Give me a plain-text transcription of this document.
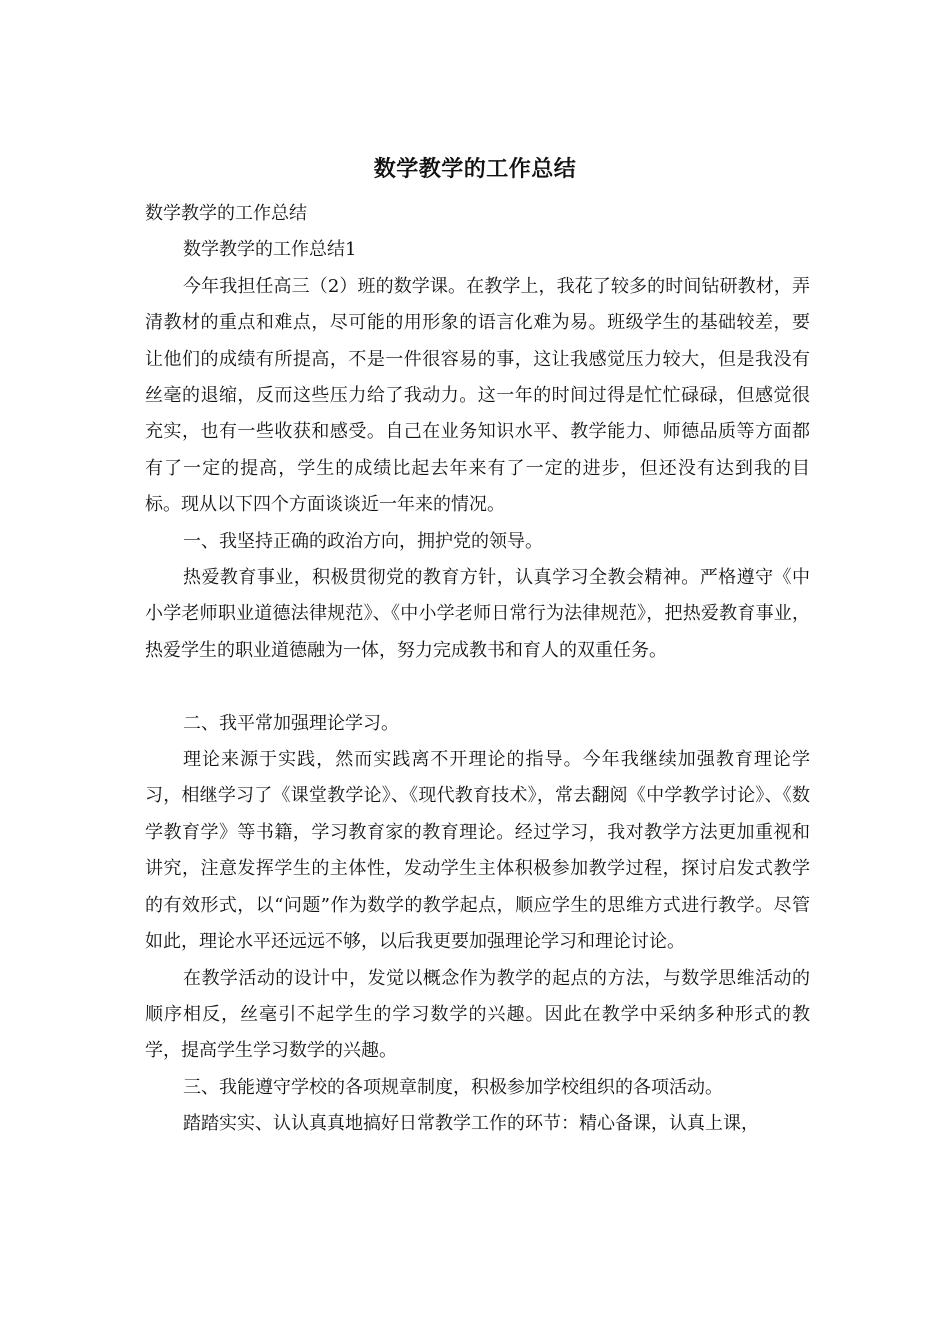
数学教学的工作总结

数学教学的工作总结

数学教学的工作总结1

今年我担任高三（2）班的数学课。在教学上，我花了较多的时间钻研教材，弄清教材的重点和难点，尽可能的用形象的语言化难为易。班级学生的基础较差，要让他们的成绩有所提高，不是一件很容易的事，这让我感觉压力较大，但是我没有丝毫的退缩，反而这些压力给了我动力。这一年的时间过得是忙忙碌碌，但感觉很充实，也有一些收获和感受。自己在业务知识水平、教学能力、师德品质等方面都有了一定的提高，学生的成绩比起去年来有了一定的进步，但还没有达到我的目标。现从以下四个方面谈谈近一年来的情况。

一、我坚持正确的政治方向，拥护党的领导。

热爱教育事业，积极贯彻党的教育方针，认真学习全教会精神。严格遵守《中小学老师职业道德法律规范》、《中小学老师日常行为法律规范》，把热爱教育事业，热爱学生的职业道德融为一体，努力完成教书和育人的双重任务。

二、我平常加强理论学习。

理论来源于实践，然而实践离不开理论的指导。今年我继续加强教育理论学习，相继学习了《课堂教学论》、《现代教育技术》，常去翻阅《中学教学讨论》、《数学教育学》等书籍，学习教育家的教育理论。经过学习，我对教学方法更加重视和讲究，注意发挥学生的主体性，发动学生主体积极参加教学过程，探讨启发式教学的有效形式，以“问题”作为数学的教学起点，顺应学生的思维方式进行教学。尽管如此，理论水平还远远不够，以后我更要加强理论学习和理论讨论。

在教学活动的设计中，发觉以概念作为教学的起点的方法，与数学思维活动的顺序相反，丝毫引不起学生的学习数学的兴趣。因此在教学中采纳多种形式的教学，提高学生学习数学的兴趣。

三、我能遵守学校的各项规章制度，积极参加学校组织的各项活动。

踏踏实实、认认真真地搞好日常教学工作的环节：精心备课，认真上课，
